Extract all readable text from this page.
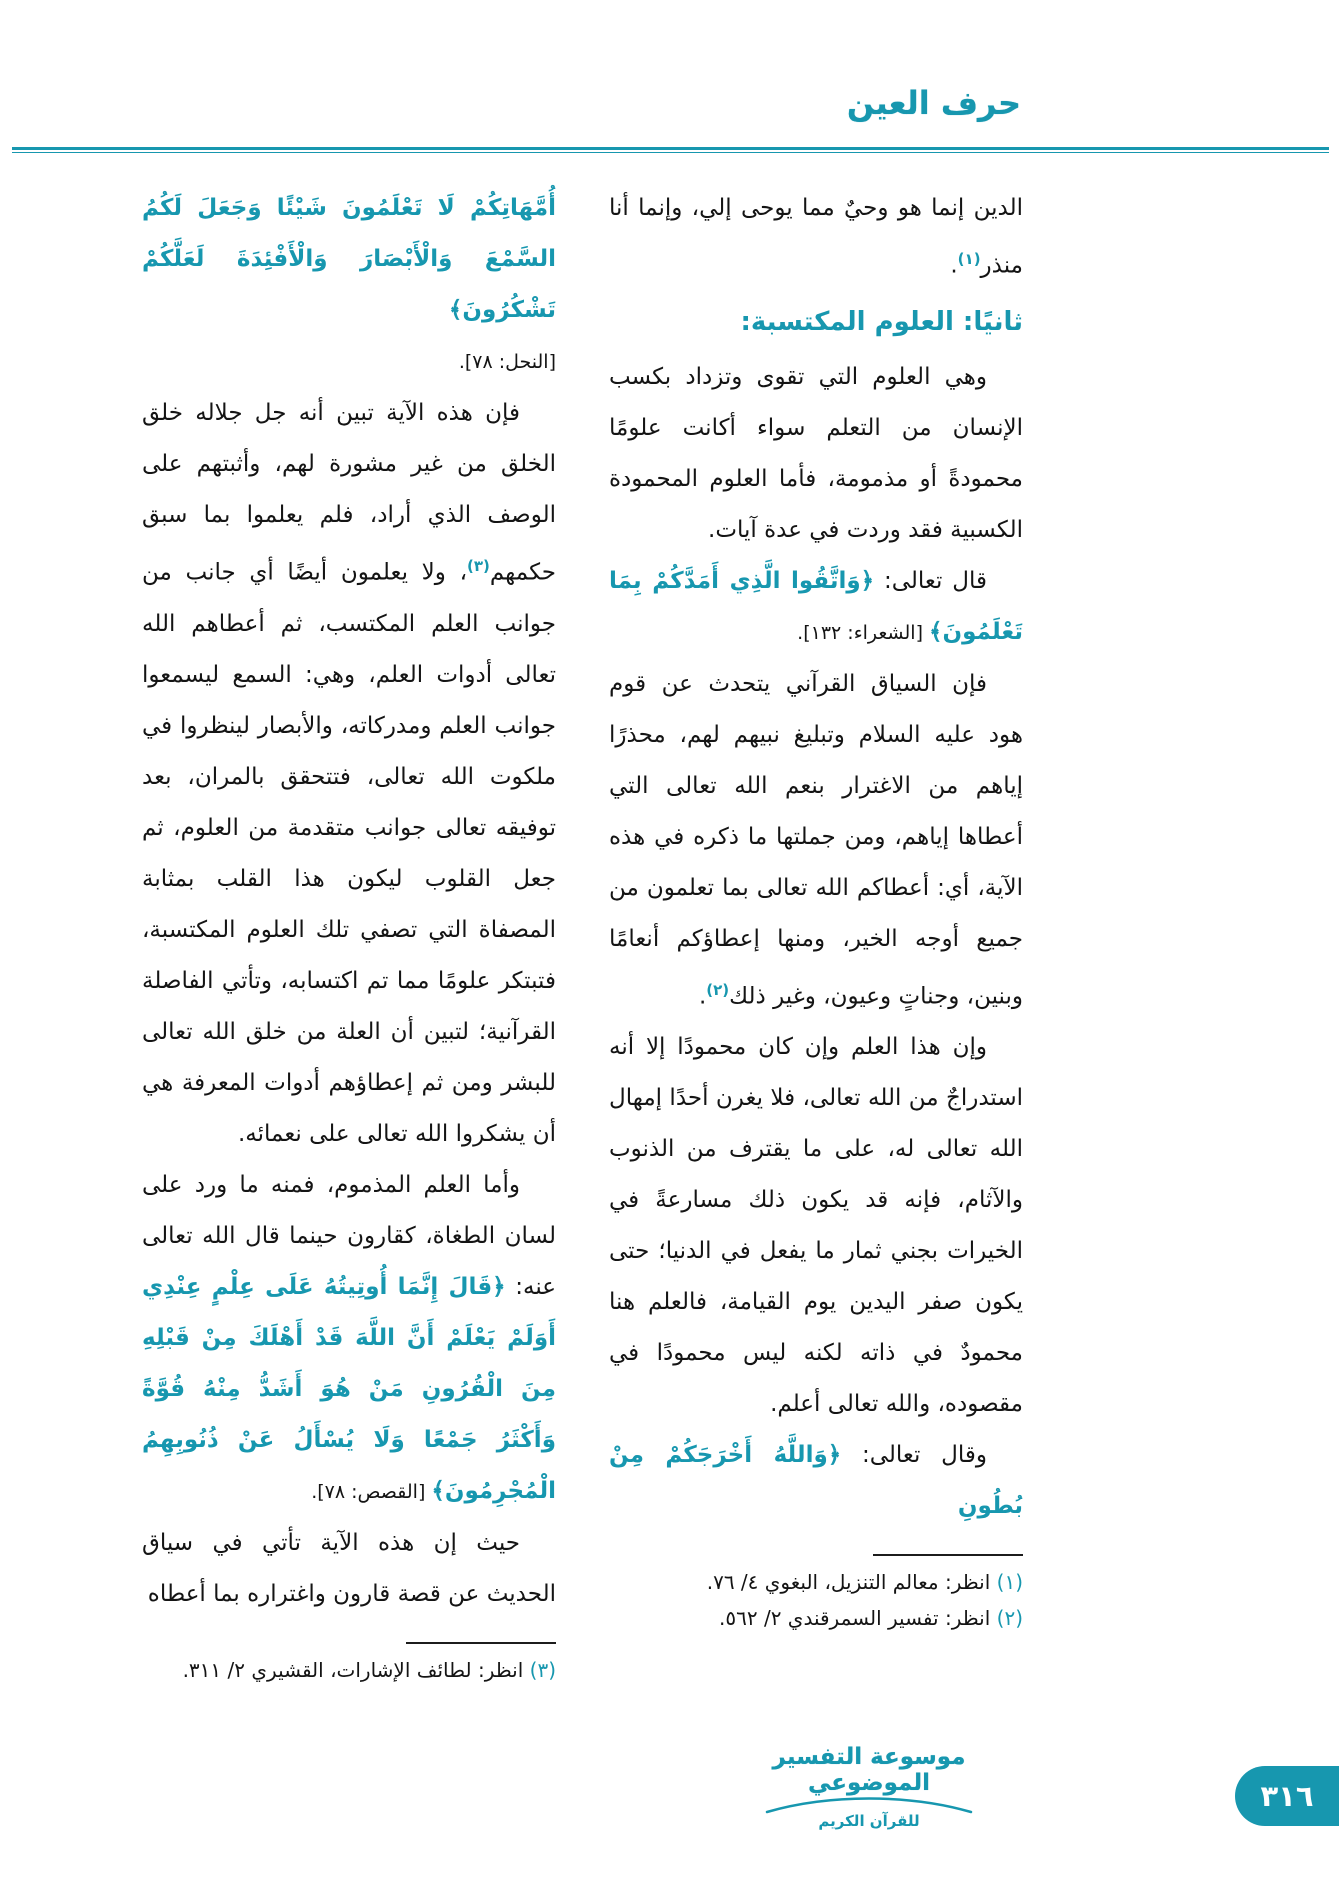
حرف العين

الدين إنما هو وحيٌ مما يوحى إلي، وإنما أنا منذر$^{(١)}$.

ثانيًا: العلوم المكتسبة:

وهي العلوم التي تقوى وتزداد بكسب الإنسان من التعلم سواء أكانت علومًا محمودةً أو مذمومة، فأما العلوم المحمودة الكسبية فقد وردت في عدة آيات.

قال تعالى: ﴿وَاتَّقُوا الَّذِي أَمَدَّكُمْ بِمَا تَعْلَمُونَ﴾ [الشعراء: ١٣٢].

فإن السياق القرآني يتحدث عن قوم هود عليه السلام وتبليغ نبيهم لهم، محذرًا إياهم من الاغترار بنعم الله تعالى التي أعطاها إياهم، ومن جملتها ما ذكره في هذه الآية، أي: أعطاكم الله تعالى بما تعلمون من جميع أوجه الخير، ومنها إعطاؤكم أنعامًا وبنين، وجناتٍ وعيون، وغير ذلك$^{(٢)}$.

وإن هذا العلم وإن كان محمودًا إلا أنه استدراجٌ من الله تعالى، فلا يغرن أحدًا إمهال الله تعالى له، على ما يقترف من الذنوب والآثام، فإنه قد يكون ذلك مسارعةً في الخيرات بجني ثمار ما يفعل في الدنيا؛ حتى يكون صفر اليدين يوم القيامة، فالعلم هنا محمودٌ في ذاته لكنه ليس محمودًا في مقصوده، والله تعالى أعلم.

وقال تعالى: ﴿وَاللَّهُ أَخْرَجَكُمْ مِنْ بُطُونِ

(١) انظر: معالم التنزيل، البغوي ٤/ ٧٦.

(٢) انظر: تفسير السمرقندي ٢/ ٥٦٢.

أُمَّهَاتِكُمْ لَا تَعْلَمُونَ شَيْئًا وَجَعَلَ لَكُمُ السَّمْعَ وَالْأَبْصَارَ وَالْأَفْئِدَةَ لَعَلَّكُمْ تَشْكُرُونَ﴾
[النحل: ٧٨].

فإن هذه الآية تبين أنه جل جلاله خلق الخلق من غير مشورة لهم، وأثبتهم على الوصف الذي أراد، فلم يعلموا بما سبق حكمهم$^{(٣)}$، ولا يعلمون أيضًا أي جانب من جوانب العلم المكتسب، ثم أعطاهم الله تعالى أدوات العلم، وهي: السمع ليسمعوا جوانب العلم ومدركاته، والأبصار لينظروا في ملكوت الله تعالى، فتتحقق بالمران، بعد توفيقه تعالى جوانب متقدمة من العلوم، ثم جعل القلوب ليكون هذا القلب بمثابة المصفاة التي تصفي تلك العلوم المكتسبة، فتبتكر علومًا مما تم اكتسابه، وتأتي الفاصلة القرآنية؛ لتبين أن العلة من خلق الله تعالى للبشر ومن ثم إعطاؤهم أدوات المعرفة هي أن يشكروا الله تعالى على نعمائه.

وأما العلم المذموم، فمنه ما ورد على لسان الطغاة، كقارون حينما قال الله تعالى عنه: ﴿قَالَ إِنَّمَا أُوتِيتُهُ عَلَى عِلْمٍ عِنْدِي أَوَلَمْ يَعْلَمْ أَنَّ اللَّهَ قَدْ أَهْلَكَ مِنْ قَبْلِهِ مِنَ الْقُرُونِ مَنْ هُوَ أَشَدُّ مِنْهُ قُوَّةً وَأَكْثَرُ جَمْعًا وَلَا يُسْأَلُ عَنْ ذُنُوبِهِمُ الْمُجْرِمُونَ﴾ [القصص: ٧٨].

حيث إن هذه الآية تأتي في سياق الحديث عن قصة قارون واغتراره بما أعطاه

(٣) انظر: لطائف الإشارات، القشيري ٢/ ٣١١.

موسوعة التفسير الموضوعي
للقرآن الكريم
٣١٦
